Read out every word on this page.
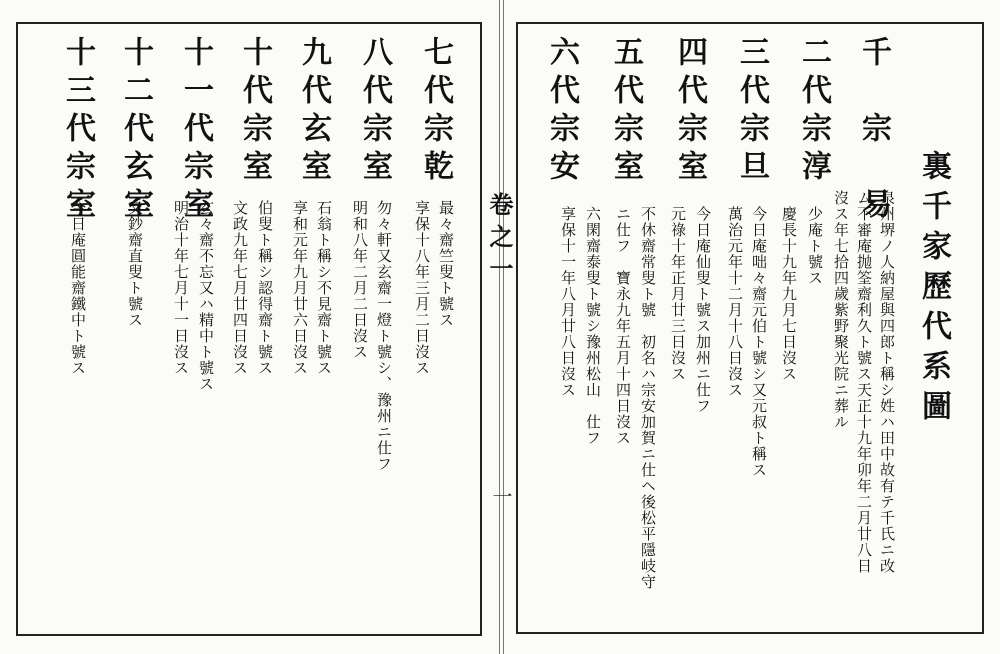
裏千家歷代系圖
千　宗　易
泉州堺ノ人納屋與四郎ト稱シ姓ハ田中故有テ千氏ニ改
ム不審庵抛筌齋利久ト號ス天正十九年卯年二月廿八日
沒ス年七拾四歲紫野聚光院ニ葬ル
二代宗淳
少庵ト號ス
慶長十九年九月七日沒ス
三代宗旦
今日庵咄々齋元伯ト號シ又元叔ト稱ス
萬治元年十二月十八日沒ス
四代宗室
今日庵仙叟ト號ス加州ニ仕フ
元祿十年正月廿三日沒ス
五代宗室
不休齋常叟ト號　初名ハ宗安加賀ニ仕ヘ後松平隱岐守
ニ仕フ　寶永九年五月十四日沒ス
六代宗安
六閑齋泰叟ト號シ豫州松山　仕フ
享保十一年八月廿八日沒ス
卷之一
一
七代宗乾
最々齋竺叟ト號ス
享保十八年三月二日沒ス
八代宗室
勿々軒又玄齋一燈ト號シ、豫州ニ仕フ
明和八年二月二日沒ス
九代玄室
石翁ト稱シ不見齋ト號ス
享和元年九月廿六日沒ス
十代宗室
伯叟ト稱シ認得齋ト號ス
文政九年七月廿四日沒ス
十一代宗室
玄々齋不忘又ハ精中ト號ス
明治十年七月十一日沒ス
十二代玄室
又鈔齋直叟ト號ス
十三代宗室
今日庵圓能齋鐵中ト號ス
